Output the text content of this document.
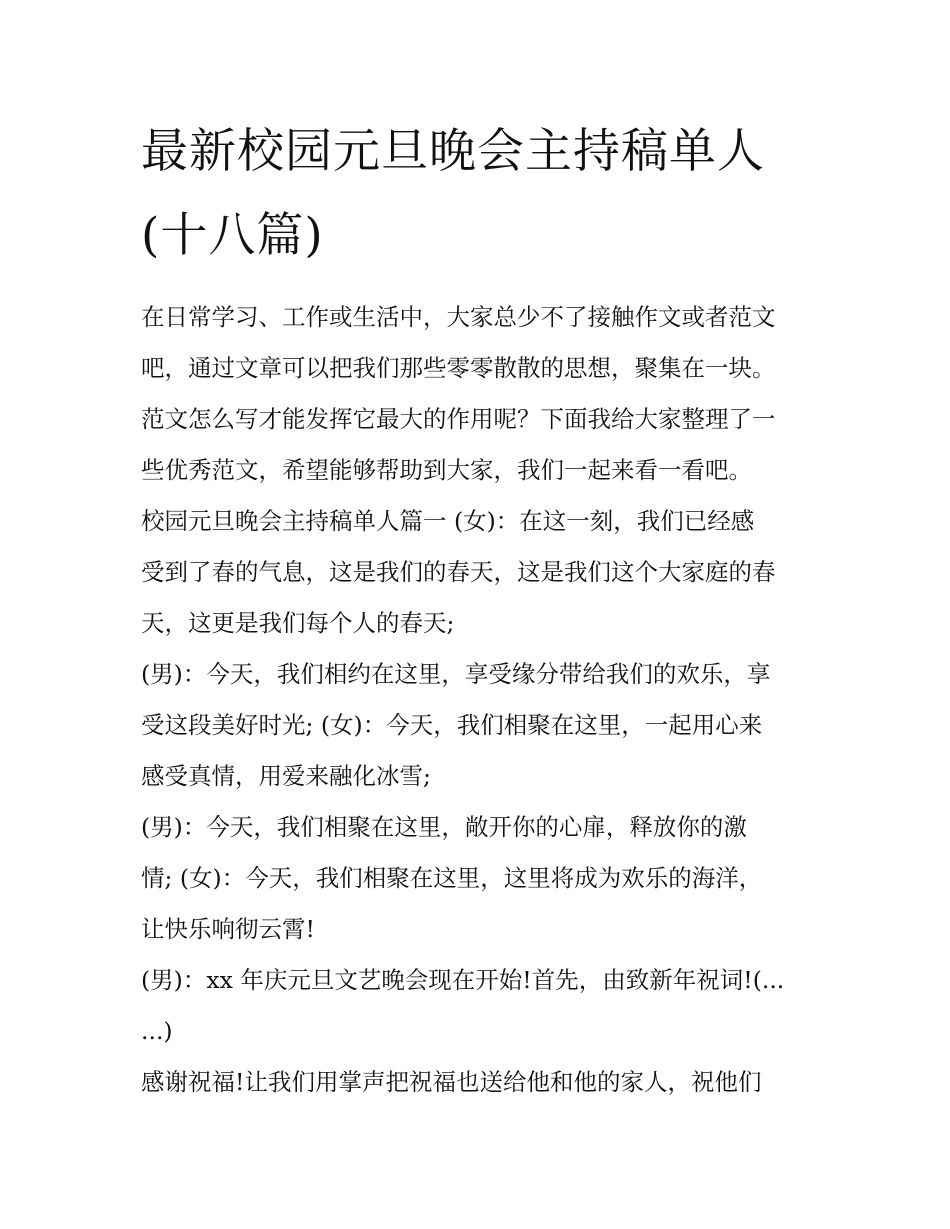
最新校园元旦晚会主持稿单人
(十八篇)

在日常学习、工作或生活中，大家总少不了接触作文或者范文
吧，通过文章可以把我们那些零零散散的思想，聚集在一块。
范文怎么写才能发挥它最大的作用呢？下面我给大家整理了一
些优秀范文，希望能够帮助到大家，我们一起来看一看吧。

校园元旦晚会主持稿单人篇一 (女)：在这一刻，我们已经感
受到了春的气息，这是我们的春天，这是我们这个大家庭的春
天，这更是我们每个人的春天;

(男)：今天，我们相约在这里，享受缘分带给我们的欢乐，享
受这段美好时光; (女)：今天，我们相聚在这里，一起用心来
感受真情，用爱来融化冰雪;

(男)：今天，我们相聚在这里，敞开你的心扉，释放你的激
情; (女)：今天，我们相聚在这里，这里将成为欢乐的海洋，
让快乐响彻云霄!

(男)：xx 年庆元旦文艺晚会现在开始!首先，由致新年祝词!(...
...)

感谢祝福!让我们用掌声把祝福也送给他和他的家人，祝他们
